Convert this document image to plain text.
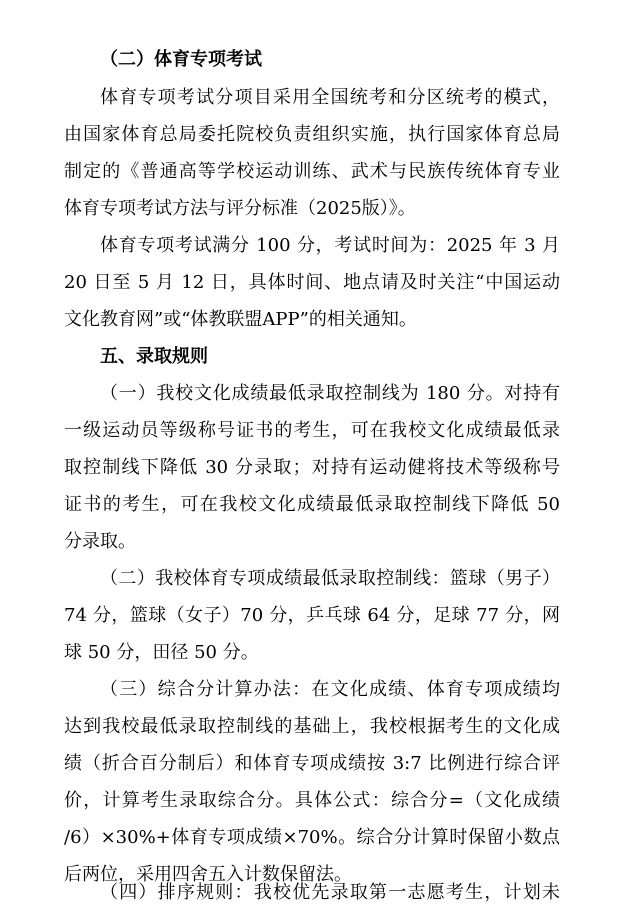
（二）体育专项考试
体育专项考试分项目采用全国统考和分区统考的模式，
由国家体育总局委托院校负责组织实施，执行国家体育总局
制定的《普通高等学校运动训练、武术与民族传统体育专业
体育专项考试方法与评分标准（2025版）》。
体育专项考试满分 100 分，考试时间为：2025 年 3 月
20 日至 5 月 12 日，具体时间、地点请及时关注“中国运动
文化教育网”或“体教联盟APP”的相关通知。
五、录取规则
（一）我校文化成绩最低录取控制线为 180 分。对持有
一级运动员等级称号证书的考生，可在我校文化成绩最低录
取控制线下降低 30 分录取；对持有运动健将技术等级称号
证书的考生，可在我校文化成绩最低录取控制线下降低 50
分录取。
（二）我校体育专项成绩最低录取控制线：篮球（男子）
74 分，篮球（女子）70 分，乒乓球 64 分，足球 77 分，网
球 50 分，田径 50 分。
（三）综合分计算办法：在文化成绩、体育专项成绩均
达到我校最低录取控制线的基础上，我校根据考生的文化成
绩（折合百分制后）和体育专项成绩按 3:7 比例进行综合评
价，计算考生录取综合分。具体公式：综合分=（文化成绩
/6）×30%+体育专项成绩×70%。综合分计算时保留小数点
后两位，采用四舍五入计数保留法。
（四）排序规则：我校优先录取第一志愿考生，计划未
